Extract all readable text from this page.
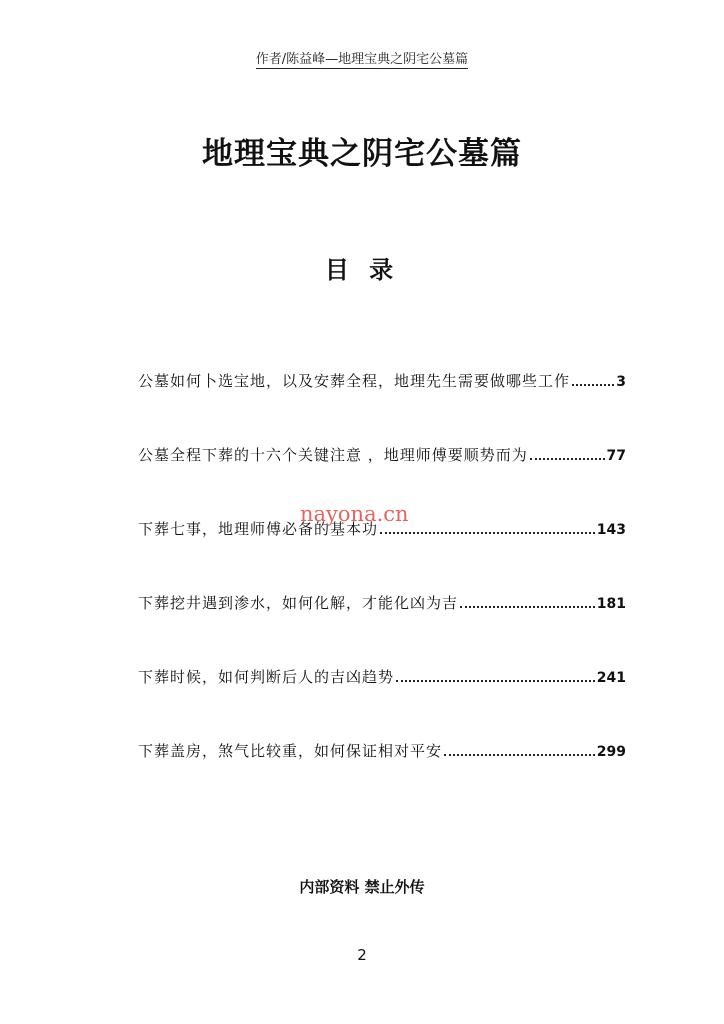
作者/陈益峰—地理宝典之阴宅公墓篇
地理宝典之阴宅公墓篇
目 录
公墓如何卜选宝地，以及安葬全程，地理先生需要做哪些工作	3
公墓全程下葬的十六个关键注意 ，地理师傅要顺势而为	77
下葬七事，地理师傅必备的基本功	143
下葬挖井遇到渗水，如何化解，才能化凶为吉	181
下葬时候，如何判断后人的吉凶趋势	241
下葬盖房，煞气比较重，如何保证相对平安	299
nayona.cn
内部资料 禁止外传
2
